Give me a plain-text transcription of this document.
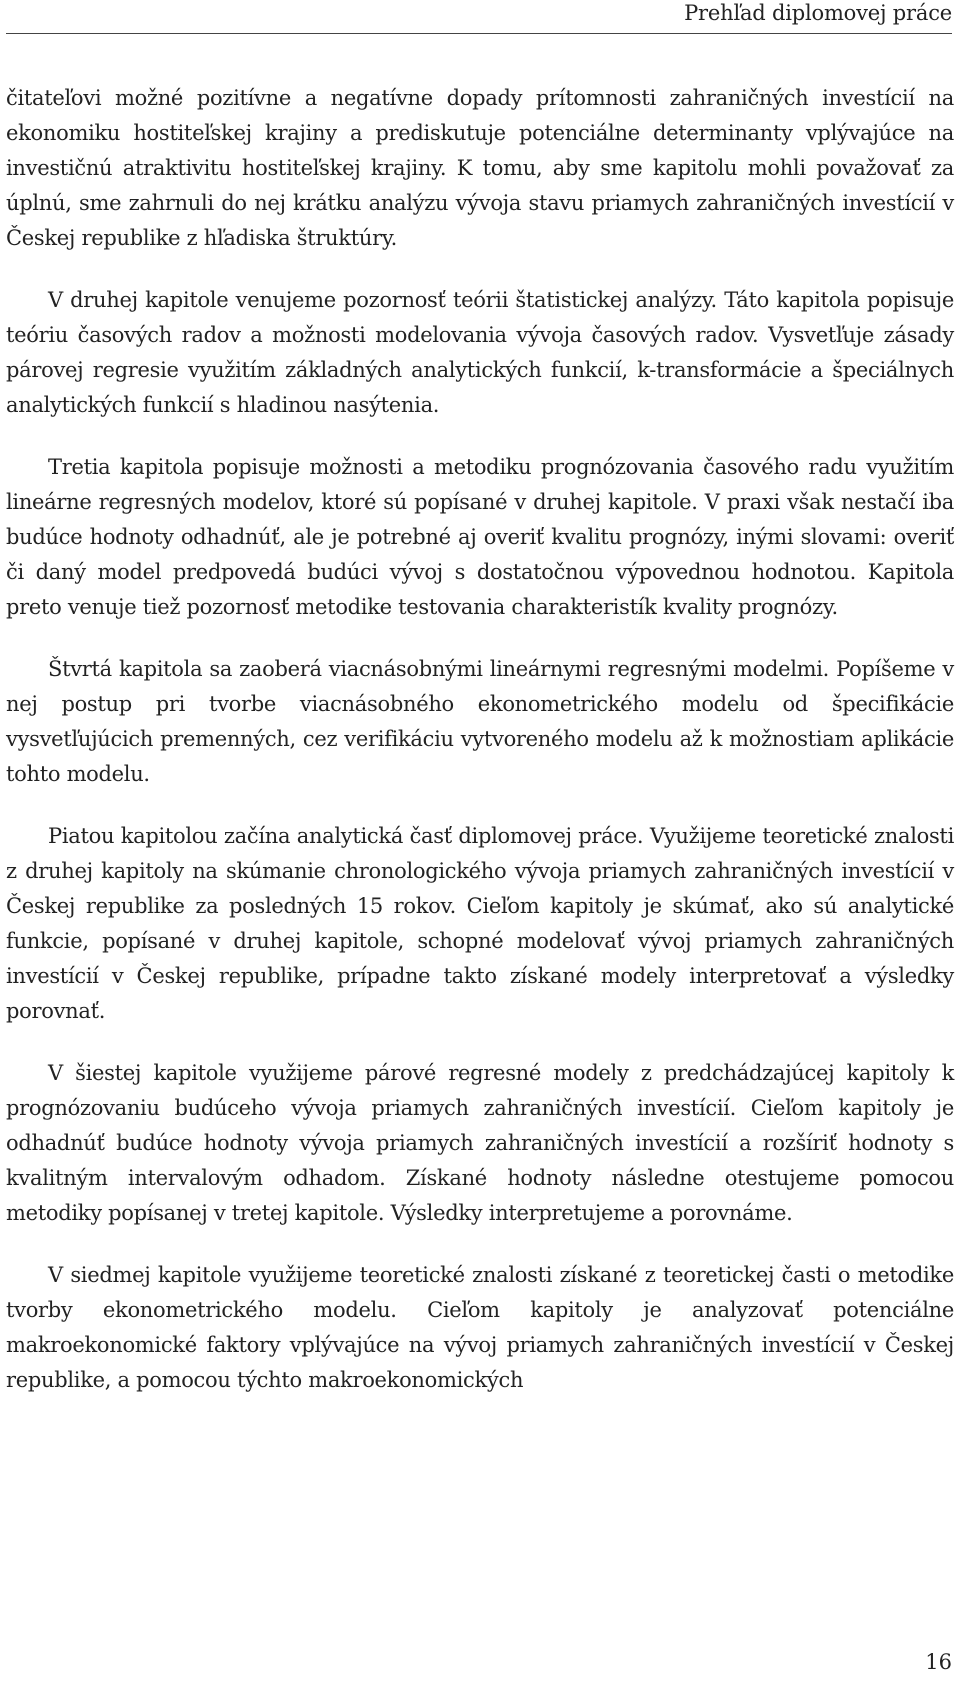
Prehľad diplomovej práce

čitateľovi možné pozitívne a negatívne dopady prítomnosti zahraničných investícií na ekonomiku hostiteľskej krajiny a prediskutuje potenciálne determinanty vplývajúce na investičnú atraktivitu hostiteľskej krajiny. K tomu, aby sme kapitolu mohli považovať za úplnú, sme zahrnuli do nej krátku analýzu vývoja stavu priamych zahraničných investícií v Českej republike z hľadiska štruktúry.

V druhej kapitole venujeme pozornosť teórii štatistickej analýzy. Táto kapitola popisuje teóriu časových radov a možnosti modelovania vývoja časových radov. Vysvetľuje zásady párovej regresie využitím základných analytických funkcií, k-transformácie a špeciálnych analytických funkcií s hladinou nasýtenia.

Tretia kapitola popisuje možnosti a metodiku prognózovania časového radu využitím lineárne regresných modelov, ktoré sú popísané v druhej kapitole. V praxi však nestačí iba budúce hodnoty odhadnúť, ale je potrebné aj overiť kvalitu prognózy, inými slovami: overiť či daný model predpovedá budúci vývoj s dostatočnou výpovednou hodnotou. Kapitola preto venuje tiež pozornosť metodike testovania charakteristík kvality prognózy.

Štvrtá kapitola sa zaoberá viacnásobnými lineárnymi regresnými modelmi. Popíšeme v nej postup pri tvorbe viacnásobného ekonometrického modelu od špecifikácie vysvetľujúcich premenných, cez verifikáciu vytvoreného modelu až k možnostiam aplikácie tohto modelu.

Piatou kapitolou začína analytická časť diplomovej práce. Využijeme teoretické znalosti z druhej kapitoly na skúmanie chronologického vývoja priamych zahraničných investícií v Českej republike za posledných 15 rokov. Cieľom kapitoly je skúmať, ako sú analytické funkcie, popísané v druhej kapitole, schopné modelovať vývoj priamych zahraničných investícií v Českej republike, prípadne takto získané modely interpretovať a výsledky porovnať.

V šiestej kapitole využijeme párové regresné modely z predchádzajúcej kapitoly k prognózovaniu budúceho vývoja priamych zahraničných investícií. Cieľom kapitoly je odhadnúť budúce hodnoty vývoja priamych zahraničných investícií a rozšíriť hodnoty s kvalitným intervalovým odhadom. Získané hodnoty následne otestujeme pomocou metodiky popísanej v tretej kapitole. Výsledky interpretujeme a porovnáme.

V siedmej kapitole využijeme teoretické znalosti získané z teoretickej časti o metodike tvorby ekonometrického modelu. Cieľom kapitoly je analyzovať potenciálne makroekonomické faktory vplývajúce na vývoj priamych zahraničných investícií v Českej republike, a pomocou týchto makroekonomických

16
